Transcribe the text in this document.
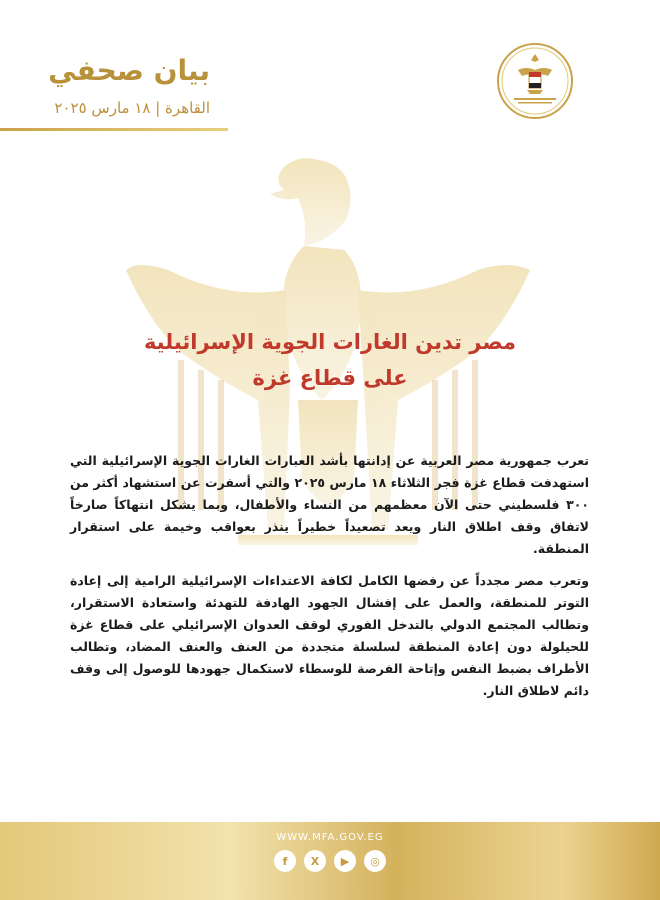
بيان صحفي
القاهرة | ١٨ مارس ٢٠٢٥
مصر تدين الغارات الجوية الإسرائيلية
على قطاع غزة

تعرب جمهورية مصر العربية عن إدانتها بأشد العبارات الغارات الجوية الإسرائيلية التي استهدفت قطاع غزة فجر الثلاثاء ١٨ مارس ٢٠٢٥ والتي أسفرت عن استشهاد أكثر من ٣٠٠ فلسطيني حتى الآن معظمهم من النساء والأطفال، وبما يشكل انتهاكاً صارخاً لاتفاق وقف اطلاق النار ويعد تصعيداً خطيراً ينذر بعواقب وخيمة على استقرار المنطقة.

وتعرب مصر مجدداً عن رفضها الكامل لكافة الاعتداءات الإسرائيلية الرامية إلى إعادة التوتر للمنطقة، والعمل على إفشال الجهود الهادفة للتهدئة واستعادة الاستقرار، وتطالب المجتمع الدولي بالتدخل الفوري لوقف العدوان الإسرائيلي على قطاع غزة للحيلولة دون إعادة المنطقة لسلسلة متجددة من العنف والعنف المضاد، وتطالب الأطراف بضبط النفس وإتاحة الفرصة للوسطاء لاستكمال جهودها للوصول إلى وقف دائم لاطلاق النار.

WWW.MFA.GOV.EG
f	X	▶	◎
